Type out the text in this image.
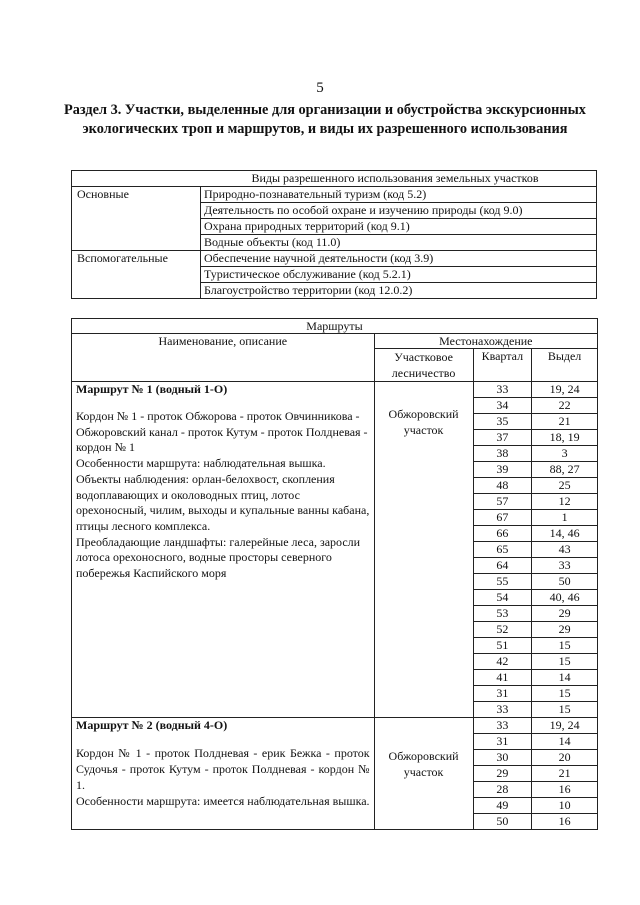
5
Раздел 3. Участки, выделенные для организации и обустройства экскурсионных экологических троп и маршрутов, и виды их разрешенного использования
Виды разрешенного использования земельных участков	
Основные	Природно-познавательный туризм (код 5.2)
	Деятельность по особой охране и изучению природы (код 9.0)
	Охрана природных территорий (код 9.1)
	Водные объекты (код 11.0)
Вспомогательные	Обеспечение научной деятельности (код 3.9)
	Туристическое обслуживание (код 5.2.1)
	Благоустройство территории (код 12.0.2)
Маршруты			
Наименование, описание	Местонахождение		
	Участковое лесничество	Квартал	Выдел

Маршрут № 1 (водный 1-О)
Кордон № 1 - проток Обжорова - проток Овчинникова - Обжоровский канал - проток Кутум - проток Полдневая - кордон № 1
Особенности маршрута: наблюдательная вышка.
Объекты наблюдения: орлан-белохвост, скопления водоплавающих и околоводных птиц, лотос орехоносный, чилим, выходы и купальные ванны кабана, птицы лесного комплекса.
Преобладающие ландшафты: галерейные леса, заросли лотоса орехоносного, водные просторы северного побережья Каспийского моря	Обжоровский участок	33	19, 24
		34	22
		35	21
		37	18, 19
		38	3
		39	88, 27
		48	25
		57	12
		67	1
		66	14, 46
		65	43
		64	33
		55	50
		54	40, 46
		53	29
		52	29
		51	15
		42	15
		41	14
		31	15
		33	15

Маршрут № 2 (водный 4-О)
Кордон № 1 - проток Полдневая - ерик Бежка - проток Судочья - проток Кутум - проток Полдневая - кордон № 1.
Особенности маршрута: имеется наблюдательная вышка.	Обжоровский участок	33	19, 24
		31	14
		30	20
		29	21
		28	16
		49	10
		50	16
